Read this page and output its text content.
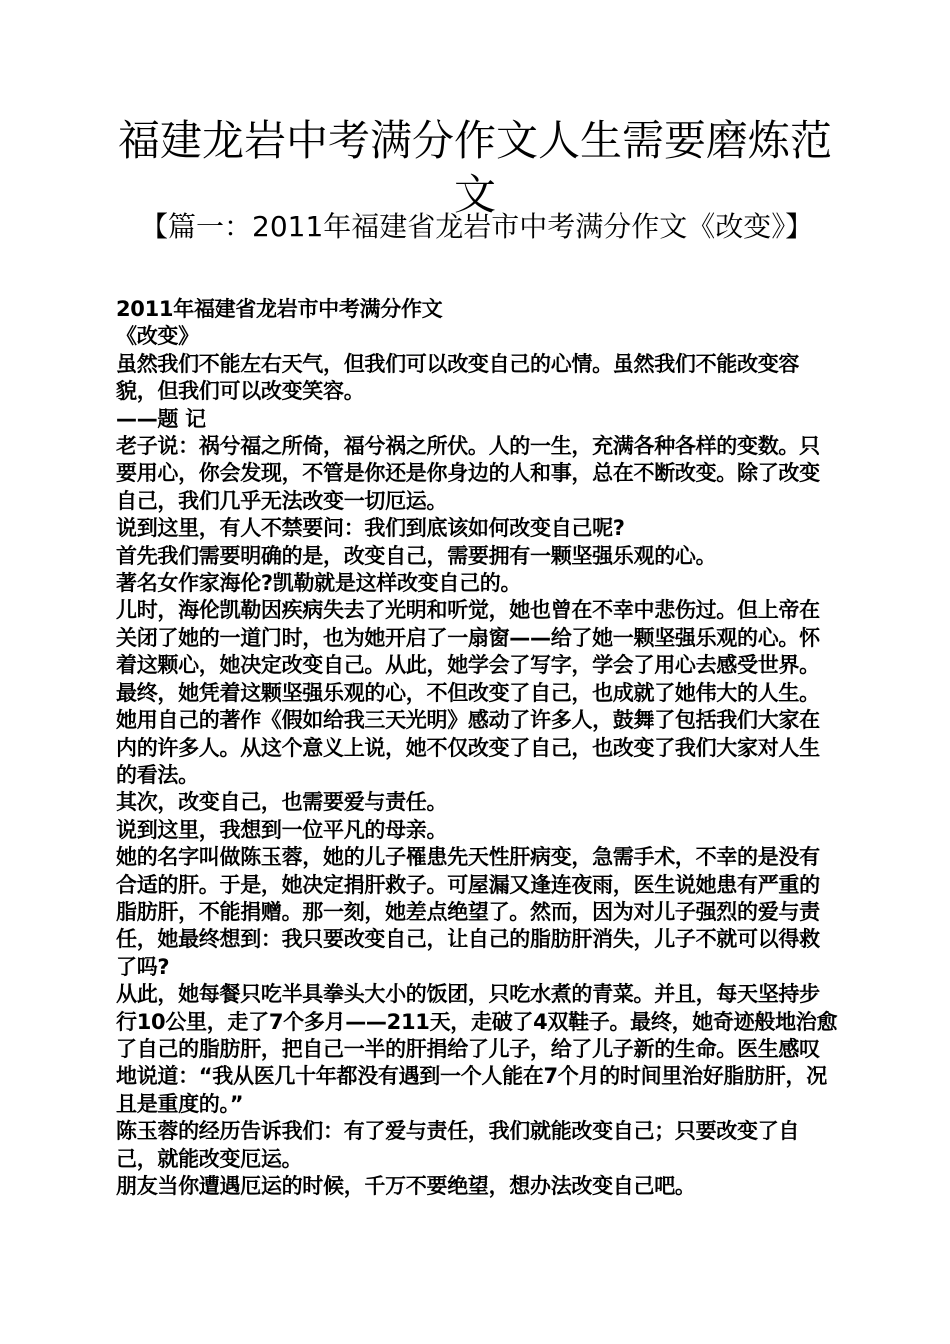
福建龙岩中考满分作文人生需要磨炼范文
【篇一：2011年福建省龙岩市中考满分作文《改变》】

2011年福建省龙岩市中考满分作文

《改变》

虽然我们不能左右天气，但我们可以改变自己的心情。虽然我们不能改变容貌，但我们可以改变笑容。

——题 记

老子说：祸兮福之所倚，福兮祸之所伏。人的一生，充满各种各样的变数。只要用心，你会发现，不管是你还是你身边的人和事，总在不断改变。除了改变自己，我们几乎无法改变一切厄运。

说到这里，有人不禁要问：我们到底该如何改变自己呢?

首先我们需要明确的是，改变自己，需要拥有一颗坚强乐观的心。

著名女作家海伦?凯勒就是这样改变自己的。

儿时，海伦凯勒因疾病失去了光明和听觉，她也曾在不幸中悲伤过。但上帝在关闭了她的一道门时，也为她开启了一扇窗——给了她一颗坚强乐观的心。怀着这颗心，她决定改变自己。从此，她学会了写字，学会了用心去感受世界。最终，她凭着这颗坚强乐观的心，不但改变了自己，也成就了她伟大的人生。她用自己的著作《假如给我三天光明》感动了许多人，鼓舞了包括我们大家在内的许多人。从这个意义上说，她不仅改变了自己，也改变了我们大家对人生的看法。

其次，改变自己，也需要爱与责任。

说到这里，我想到一位平凡的母亲。

她的名字叫做陈玉蓉，她的儿子罹患先天性肝病变，急需手术，不幸的是没有合适的肝。于是，她决定捐肝救子。可屋漏又逢连夜雨，医生说她患有严重的脂肪肝，不能捐赠。那一刻，她差点绝望了。然而，因为对儿子强烈的爱与责任，她最终想到：我只要改变自己，让自己的脂肪肝消失，儿子不就可以得救了吗?

从此，她每餐只吃半具拳头大小的饭团，只吃水煮的青菜。并且，每天坚持步行10公里，走了7个多月——211天，走破了4双鞋子。最终，她奇迹般地治愈了自己的脂肪肝，把自己一半的肝捐给了儿子，给了儿子新的生命。医生感叹地说道：“我从医几十年都没有遇到一个人能在7个月的时间里治好脂肪肝，况且是重度的。”

陈玉蓉的经历告诉我们：有了爱与责任，我们就能改变自己；只要改变了自己，就能改变厄运。

朋友当你遭遇厄运的时候，千万不要绝望，想办法改变自己吧。
